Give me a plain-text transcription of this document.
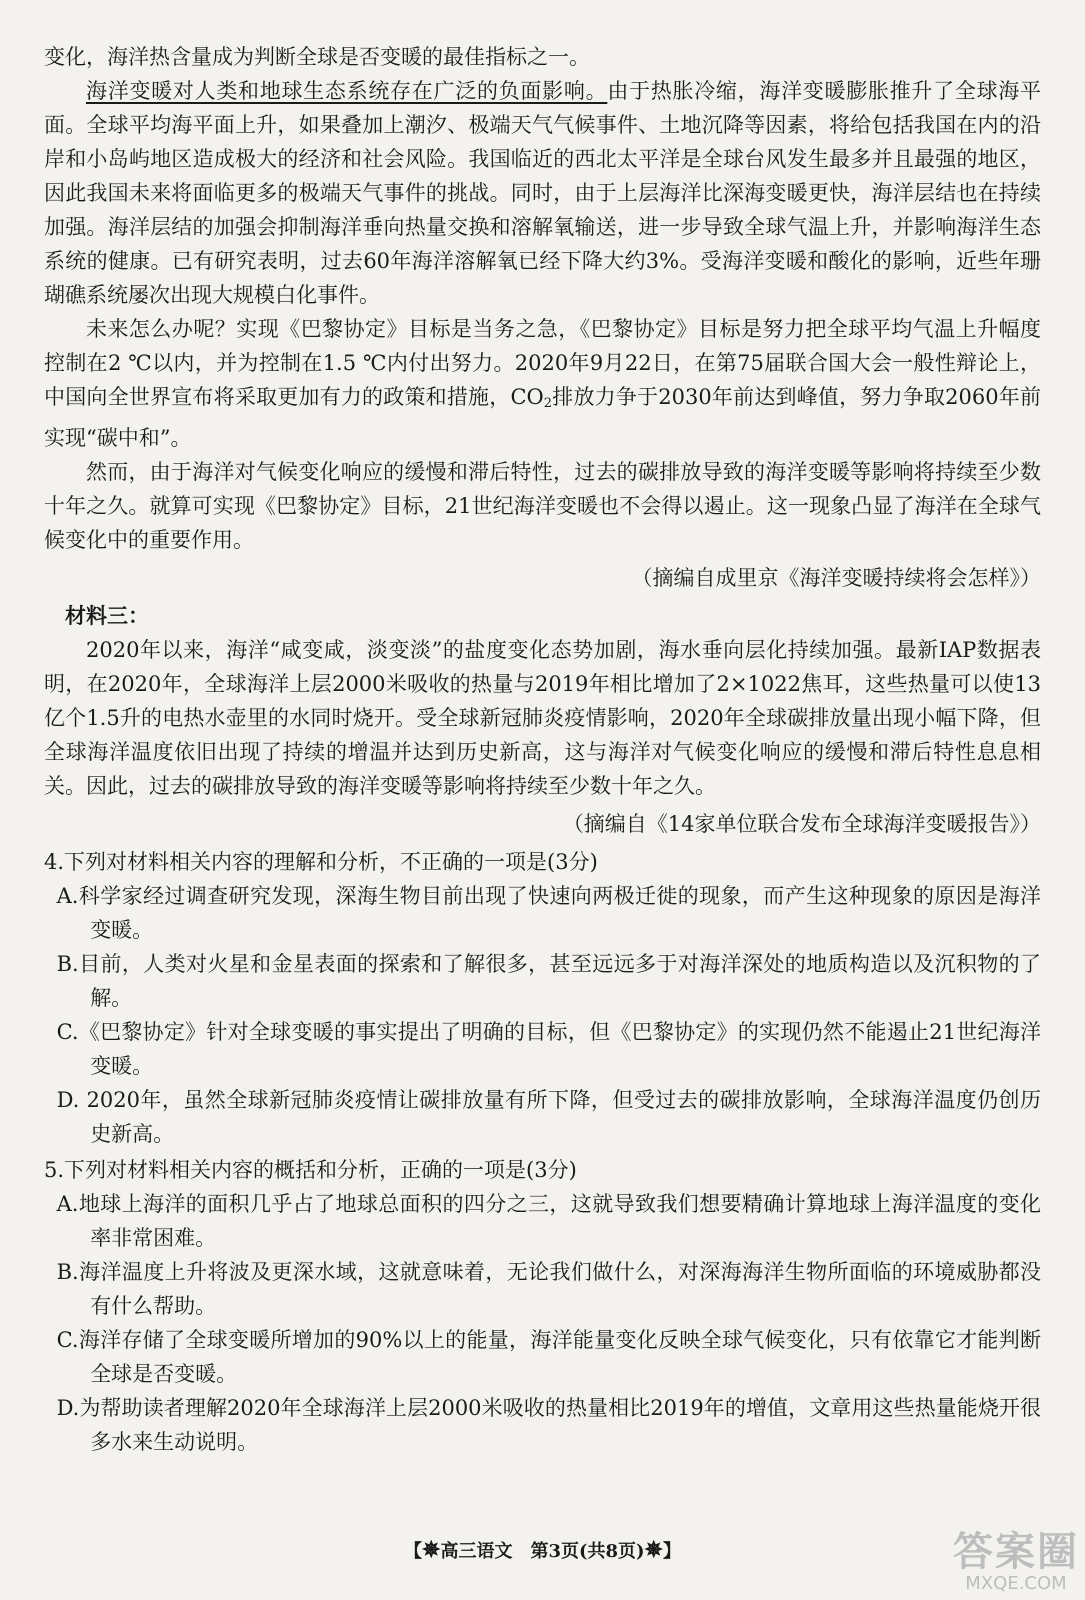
变化，海洋热含量成为判断全球是否变暖的最佳指标之一。

海洋变暖对人类和地球生态系统存在广泛的负面影响。由于热胀冷缩，海洋变暖膨胀推升了全球海平面。全球平均海平面上升，如果叠加上潮汐、极端天气气候事件、土地沉降等因素，将给包括我国在内的沿岸和小岛屿地区造成极大的经济和社会风险。我国临近的西北太平洋是全球台风发生最多并且最强的地区，因此我国未来将面临更多的极端天气事件的挑战。同时，由于上层海洋比深海变暖更快，海洋层结也在持续加强。海洋层结的加强会抑制海洋垂向热量交换和溶解氧输送，进一步导致全球气温上升，并影响海洋生态系统的健康。已有研究表明，过去60年海洋溶解氧已经下降大约3%。受海洋变暖和酸化的影响，近些年珊瑚礁系统屡次出现大规模白化事件。

未来怎么办呢？实现《巴黎协定》目标是当务之急，《巴黎协定》目标是努力把全球平均气温上升幅度控制在2 ℃以内，并为控制在1.5 ℃内付出努力。2020年9月22日，在第75届联合国大会一般性辩论上，中国向全世界宣布将采取更加有力的政策和措施，$CO_2$排放力争于2030年前达到峰值，努力争取2060年前实现“碳中和”。

然而，由于海洋对气候变化响应的缓慢和滞后特性，过去的碳排放导致的海洋变暖等影响将持续至少数十年之久。就算可实现《巴黎协定》目标，21世纪海洋变暖也不会得以遏止。这一现象凸显了海洋在全球气候变化中的重要作用。

（摘编自成里京《海洋变暖持续将会怎样》）

材料三：

2020年以来，海洋“咸变咸，淡变淡”的盐度变化态势加剧，海水垂向层化持续加强。最新IAP数据表明，在2020年，全球海洋上层2000米吸收的热量与2019年相比增加了2×1022焦耳，这些热量可以使13亿个1.5升的电热水壶里的水同时烧开。受全球新冠肺炎疫情影响，2020年全球碳排放量出现小幅下降，但全球海洋温度依旧出现了持续的增温并达到历史新高，这与海洋对气候变化响应的缓慢和滞后特性息息相关。因此，过去的碳排放导致的海洋变暖等影响将持续至少数十年之久。

（摘编自《14家单位联合发布全球海洋变暖报告》）

4.下列对材料相关内容的理解和分析，不正确的一项是(3分)

A.科学家经过调查研究发现，深海生物目前出现了快速向两极迁徙的现象，而产生这种现象的原因是海洋变暖。

B.目前，人类对火星和金星表面的探索和了解很多，甚至远远多于对海洋深处的地质构造以及沉积物的了解。

C.《巴黎协定》针对全球变暖的事实提出了明确的目标，但《巴黎协定》的实现仍然不能遏止21世纪海洋变暖。

D. 2020年，虽然全球新冠肺炎疫情让碳排放量有所下降，但受过去的碳排放影响，全球海洋温度仍创历史新高。

5.下列对材料相关内容的概括和分析，正确的一项是(3分)

A.地球上海洋的面积几乎占了地球总面积的四分之三，这就导致我们想要精确计算地球上海洋温度的变化率非常困难。

B.海洋温度上升将波及更深水域，这就意味着，无论我们做什么，对深海海洋生物所面临的环境威胁都没有什么帮助。

C.海洋存储了全球变暖所增加的90%以上的能量，海洋能量变化反映全球气候变化，只有依靠它才能判断全球是否变暖。

D.为帮助读者理解2020年全球海洋上层2000米吸收的热量相比2019年的增值，文章用这些热量能烧开很多水来生动说明。

【✵高三语文　第3页(共8页)✵】	答案圈
MXQE.COM
